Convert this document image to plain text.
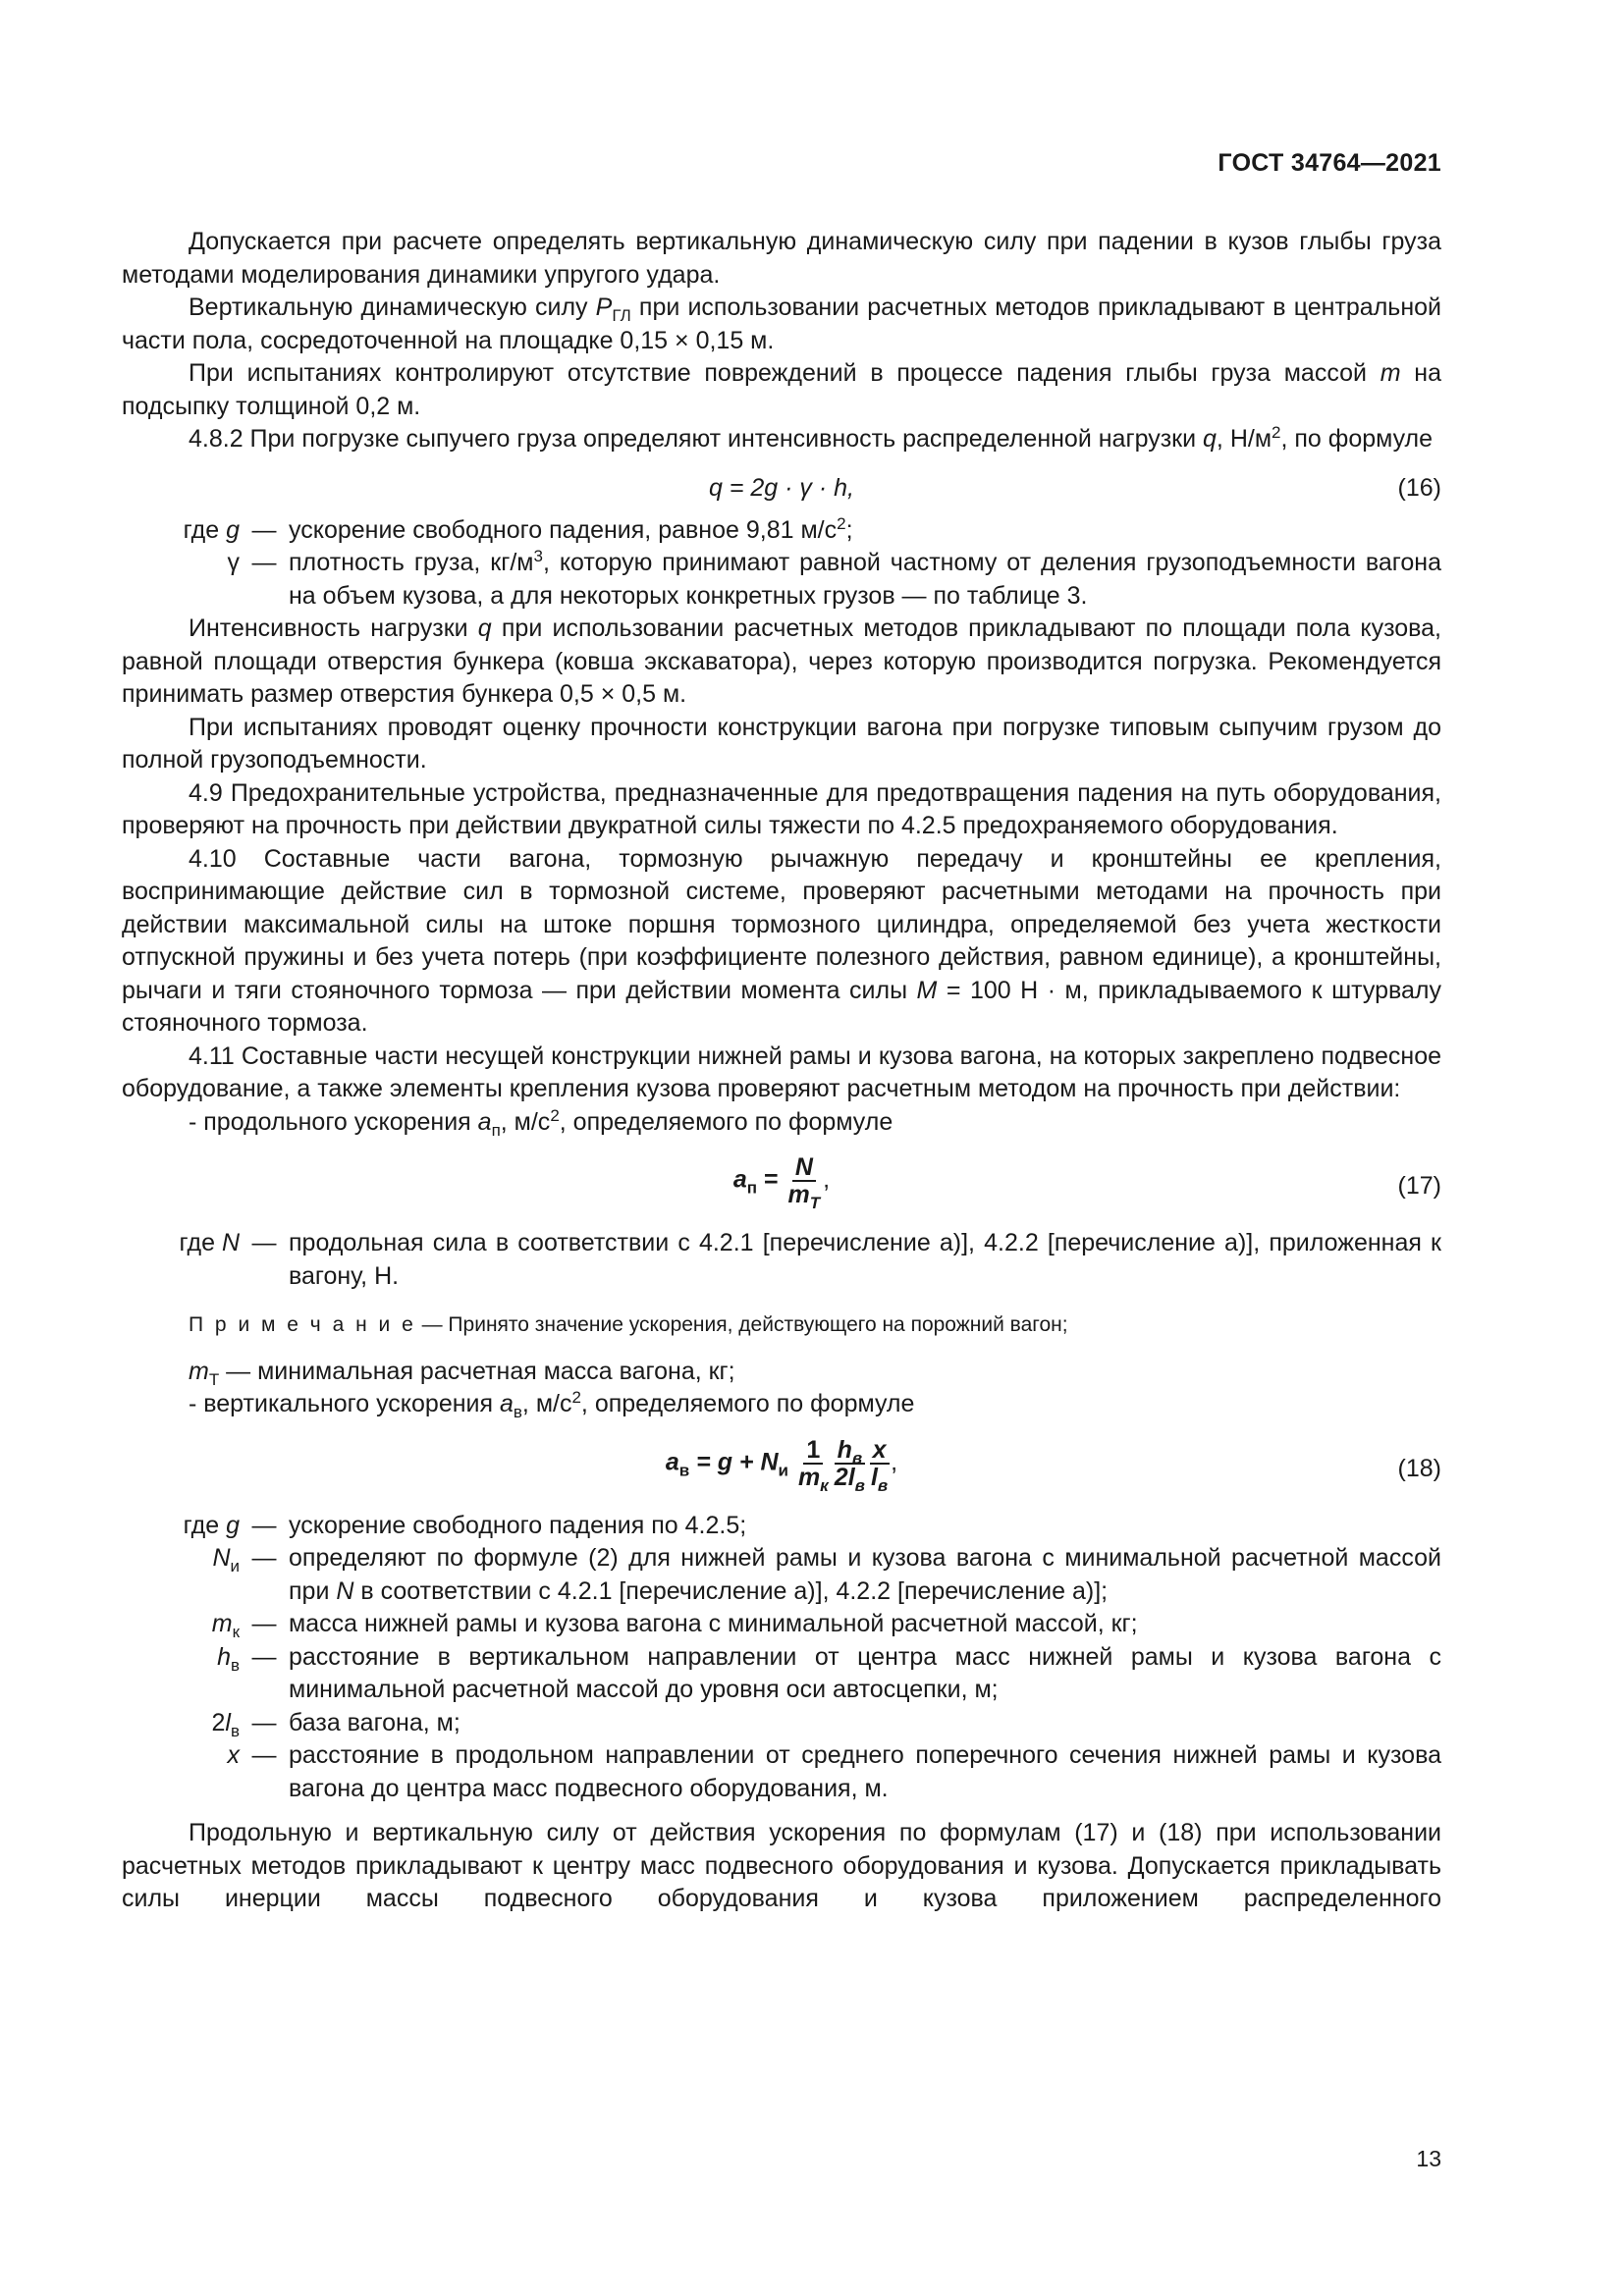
ГОСТ 34764—2021

Допускается при расчете определять вертикальную динамическую силу при падении в кузов глыбы груза методами моделирования динамики упругого удара.

Вертикальную динамическую силу $P_{ГЛ}$ при использовании расчетных методов прикладывают в центральной части пола, сосредоточенной на площадке 0,15 × 0,15 м.

При испытаниях контролируют отсутствие повреждений в процессе падения глыбы груза массой m на подсыпку толщиной 0,2 м.

4.8.2 При погрузке сыпучего груза определяют интенсивность распределенной нагрузки q, $Н/м^2$, по формуле

q = 2g · γ · h,	(16)
где g — ускорение свободного падения, равное 9,81 $м/с^2$;
γ — плотность груза, $кг/м^3$, которую принимают равной частному от деления грузоподъемности вагона на объем кузова, а для некоторых конкретных грузов — по таблице 3.

Интенсивность нагрузки q при использовании расчетных методов прикладывают по площади пола кузова, равной площади отверстия бункера (ковша экскаватора), через которую производится погрузка. Рекомендуется принимать размер отверстия бункера 0,5 × 0,5 м.

При испытаниях проводят оценку прочности конструкции вагона при погрузке типовым сыпучим грузом до полной грузоподъемности.

4.9 Предохранительные устройства, предназначенные для предотвращения падения на путь оборудования, проверяют на прочность при действии двукратной силы тяжести по 4.2.5 предохраняемого оборудования.

4.10 Составные части вагона, тормозную рычажную передачу и кронштейны ее крепления, воспринимающие действие сил в тормозной системе, проверяют расчетными методами на прочность при действии максимальной силы на штоке поршня тормозного цилиндра, определяемой без учета жесткости отпускной пружины и без учета потерь (при коэффициенте полезного действия, равном единице), а кронштейны, рычаги и тяги стояночного тормоза — при действии момента силы M = 100 Н · м, прикладываемого к штурвалу стояночного тормоза.

4.11 Составные части несущей конструкции нижней рамы и кузова вагона, на которых закреплено подвесное оборудование, а также элементы крепления кузова проверяют расчетным методом на прочность при действии:

- продольного ускорения $a_п$, $м/с^2$, определяемого по формуле

$a_п = \frac{N}{m_T}$ ,	(17)
где N — продольная сила в соответствии с 4.2.1 [перечисление а)], 4.2.2 [перечисление а)], приложенная к вагону, Н.
П р и м е ч а н и е — Принято значение ускорения, действующего на порожний вагон;

$m_T$ — минимальная расчетная масса вагона, кг;

- вертикального ускорения $a_в$, $м/с^2$, определяемого по формуле

$a_в = g + N_и \frac{1}{m_к} \frac{h_в}{2l_в} \frac{x}{l_в}$ ,	(18)
где g — ускорение свободного падения по 4.2.5;
$N_и$ — определяют по формуле (2) для нижней рамы и кузова вагона с минимальной расчетной массой при N в соответствии с 4.2.1 [перечисление а)], 4.2.2 [перечисление а)];
$m_к$ — масса нижней рамы и кузова вагона с минимальной расчетной массой, кг;
$h_в$ — расстояние в вертикальном направлении от центра масс нижней рамы и кузова вагона с минимальной расчетной массой до уровня оси автосцепки, м;
$2l_в$ — база вагона, м;
x — расстояние в продольном направлении от среднего поперечного сечения нижней рамы и кузова вагона до центра масс подвесного оборудования, м.

Продольную и вертикальную силу от действия ускорения по формулам (17) и (18) при использовании расчетных методов прикладывают к центру масс подвесного оборудования и кузова. Допускается прикладывать силы инерции массы подвесного оборудования и кузова приложением распределенного

13
